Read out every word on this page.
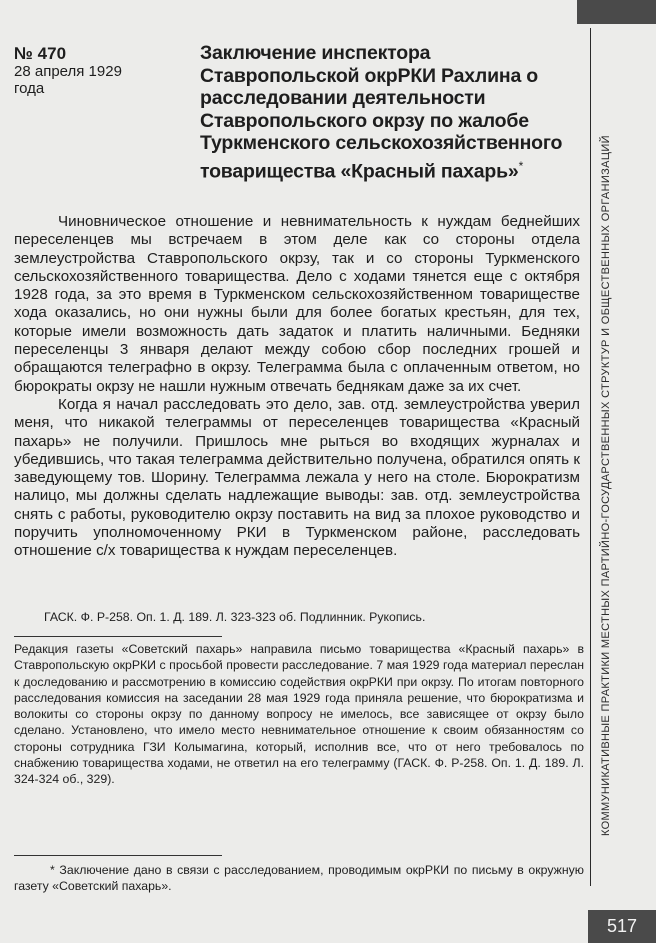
КОММУНИКАТИВНЫЕ ПРАКТИКИ МЕСТНЫХ ПАРТИЙНО-ГОСУДАРСТВЕННЫХ СТРУКТУР И ОБЩЕСТВЕННЫХ ОРГАНИЗАЦИЙ
№ 470
28 апреля 1929 года
Заключение инспектора Ставропольской окрРКИ Рахлина о расследовании деятельности Ставропольского окрзу по жалобе Туркменского сельскохозяйственного товарищества «Красный пахарь»*

Чиновническое отношение и невнимательность к нуждам беднейших переселенцев мы встречаем в этом деле как со стороны отдела землеустройства Ставропольского окрзу, так и со стороны Туркменского сельскохозяйственного товарищества. Дело с ходами тянется еще с октября 1928 года, за это время в Туркменском сельскохозяйственном товариществе хода оказались, но они нужны были для более богатых крестьян, для тех, которые имели возможность дать задаток и платить наличными. Бедняки переселенцы 3 января делают между собою сбор последних грошей и обращаются телеграфно в окрзу. Телеграмма была с оплаченным ответом, но бюрократы окрзу не нашли нужным отвечать беднякам даже за их счет.

Когда я начал расследовать это дело, зав. отд. землеустройства уверил меня, что никакой телеграммы от переселенцев товарищества «Красный пахарь» не получили. Пришлось мне рыться во входящих журналах и убедившись, что такая телеграмма действительно получена, обратился опять к заведующему тов. Шорину. Телеграмма лежала у него на столе. Бюрократизм налицо, мы должны сделать надлежащие выводы: зав. отд. землеустройства снять с работы, руководителю окрзу поставить на вид за плохое руководство и поручить уполномоченному РКИ в Туркменском районе, расследовать отношение с/х товарищества к нуждам переселенцев.

ГАСК. Ф. Р-258. Оп. 1. Д. 189. Л. 323-323 об. Подлинник. Рукопись.
Редакция газеты «Советский пахарь» направила письмо товарищества «Красный пахарь» в Ставропольскую окрРКИ с просьбой провести расследование. 7 мая 1929 года материал переслан к доследованию и рассмотрению в комиссию содействия окрРКИ при окрзу. По итогам повторного расследования комиссия на заседании 28 мая 1929 года приняла решение, что бюрократизма и волокиты со стороны окрзу по данному вопросу не имелось, все зависящее от окрзу было сделано. Установлено, что имело место невнимательное отношение к своим обязанностям со стороны сотрудника ГЗИ Колымагина, который, исполнив все, что от него требовалось по снабжению товарищества ходами, не ответил на его телеграмму (ГАСК. Ф. Р-258. Оп. 1. Д. 189. Л. 324-324 об., 329).

* Заключение дано в связи с расследованием, проводимым окрРКИ по письму в окружную газету «Советский пахарь».

517
